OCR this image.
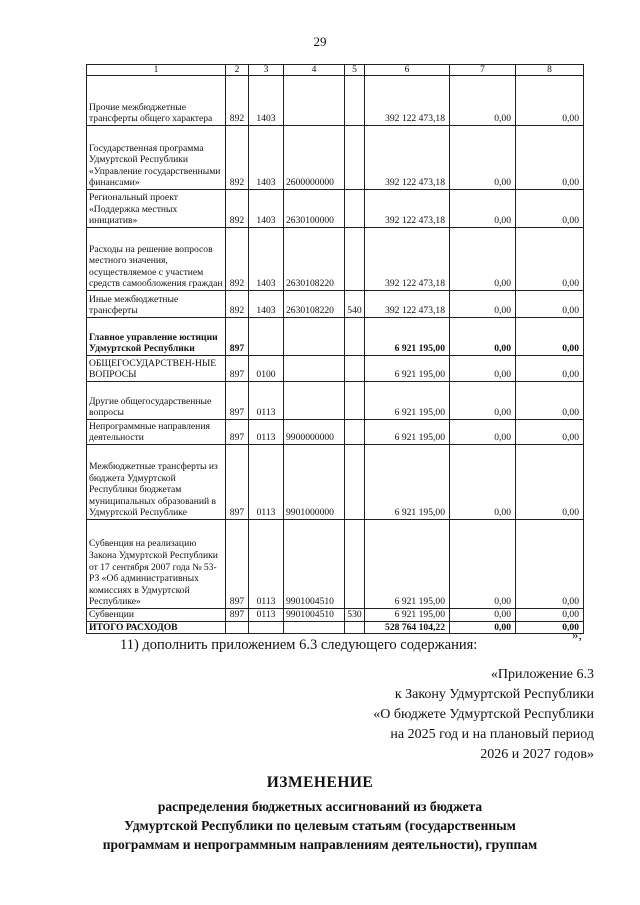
29
1	2	3	4	5	6	7	8
Прочие межбюджетные трансферты общего характера	892	1403			392 122 473,18	0,00	0,00
Государственная программа Удмуртской Республики «Управление государственными финансами»	892	1403	2600000000		392 122 473,18	0,00	0,00
Региональный проект «Поддержка местных инициатив»	892	1403	2630100000		392 122 473,18	0,00	0,00
Расходы на решение вопросов местного значения, осуществляемое с участием средств самообложения граждан	892	1403	2630108220		392 122 473,18	0,00	0,00
Иные межбюджетные трансферты	892	1403	2630108220	540	392 122 473,18	0,00	0,00
Главное управление юстиции Удмуртской Республики	897				6 921 195,00	0,00	0,00
ОБЩЕГОСУДАРСТВЕН-НЫЕ ВОПРОСЫ	897	0100			6 921 195,00	0,00	0,00
Другие общегосударственные вопросы	897	0113			6 921 195,00	0,00	0,00
Непрограммные направления деятельности	897	0113	9900000000		6 921 195,00	0,00	0,00
Межбюджетные трансферты из бюджета Удмуртской Республики бюджетам муниципальных образований в Удмуртской Республике	897	0113	9901000000		6 921 195,00	0,00	0,00
Субвенция на реализацию Закона Удмуртской Республики от 17 сентября 2007 года № 53-РЗ «Об административных комиссиях в Удмуртской Республике»	897	0113	9901004510		6 921 195,00	0,00	0,00
Субвенции	897	0113	9901004510	530	6 921 195,00	0,00	0,00
ИТОГО РАСХОДОВ					528 764 104,22	0,00	0,00
»;
11) дополнить приложением 6.3 следующего содержания:
«Приложение 6.3
к Закону Удмуртской Республики
«О бюджете Удмуртской Республики
на 2025 год и на плановый период
2026 и 2027 годов»
ИЗМЕНЕНИЕ
распределения бюджетных ассигнований из бюджета
Удмуртской Республики по целевым статьям (государственным
программам и непрограммным направлениям деятельности), группам
